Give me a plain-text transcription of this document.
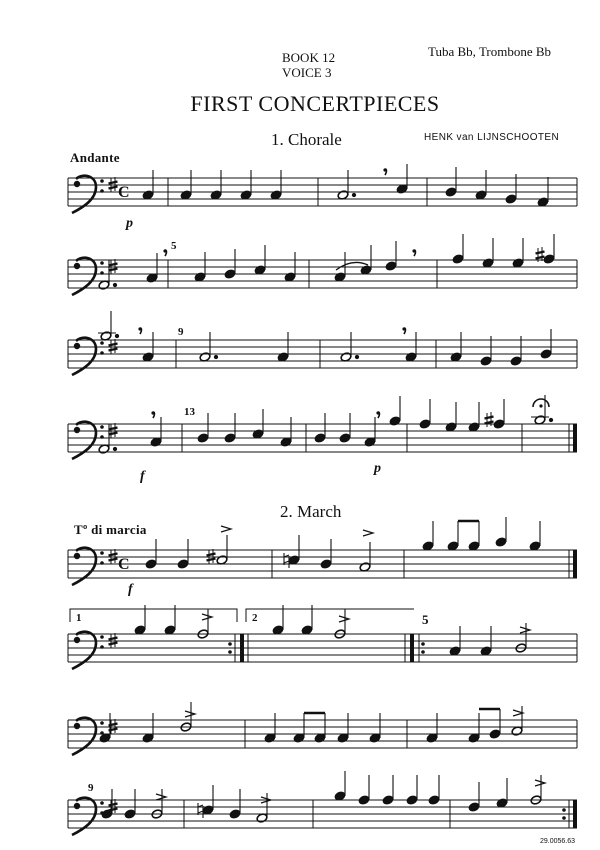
BOOK 12
VOICE 3
Tuba Bb, Trombone Bb
FIRST CONCERTPIECES
1. Chorale	HENK van LIJNSCHOOTEN
Andante
2. March
Tº di marcia
5
9
13
1	2	5
9
p
f
p
f
29.0056.63
C
C
